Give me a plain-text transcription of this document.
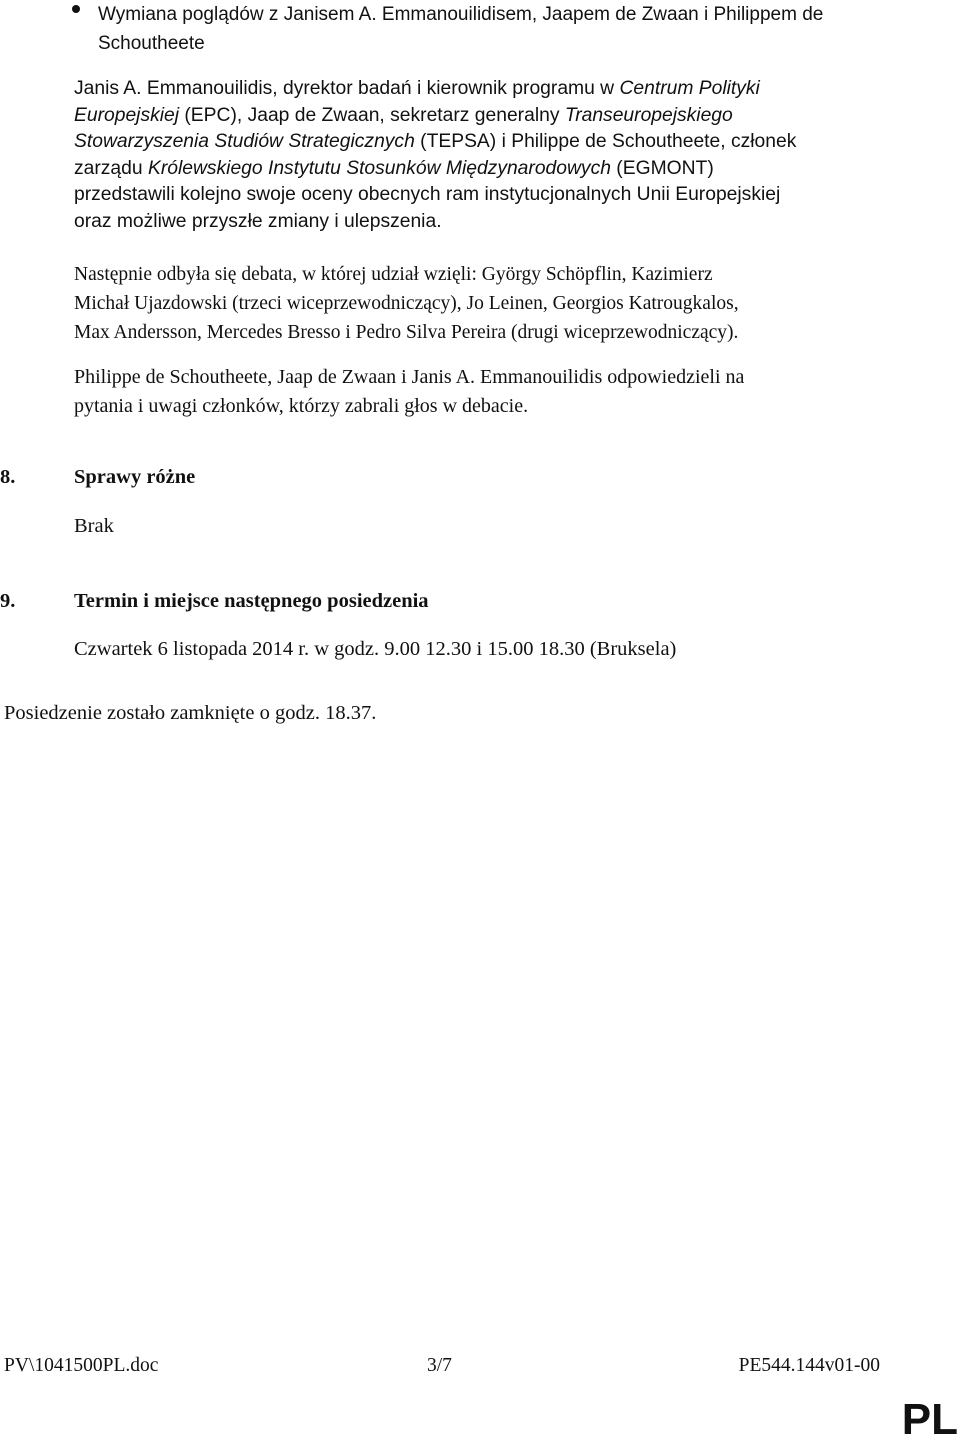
Wymiana poglądów z Janisem A. Emmanouilidisem, Jaapem de Zwaan i Philippem de Schoutheete
Janis A. Emmanouilidis, dyrektor badań i kierownik programu w Centrum Polityki
Europejskiej (EPC), Jaap de Zwaan, sekretarz generalny Transeuropejskiego
Stowarzyszenia Studiów Strategicznych (TEPSA) i Philippe de Schoutheete, członek
zarządu Królewskiego Instytutu Stosunków Międzynarodowych (EGMONT)
przedstawili kolejno swoje oceny obecnych ram instytucjonalnych Unii Europejskiej
oraz możliwe przyszłe zmiany i ulepszenia.
Następnie odbyła się debata, w której udział wzięli: György Schöpflin, Kazimierz
Michał Ujazdowski (trzeci wiceprzewodniczący), Jo Leinen, Georgios Katrougkalos,
Max Andersson, Mercedes Bresso i Pedro Silva Pereira (drugi wiceprzewodniczący).
Philippe de Schoutheete, Jaap de Zwaan i Janis A. Emmanouilidis odpowiedzieli na
pytania i uwagi członków, którzy zabrali głos w debacie.
8.	Sprawy różne
Brak
9.	Termin i miejsce następnego posiedzenia
Czwartek 6 listopada 2014 r. w godz. 9.00 12.30 i 15.00 18.30 (Bruksela)
Posiedzenie zostało zamknięte o godz. 18.37.
PV\1041500PL.doc	3/7	PE544.144v01-00
PL
